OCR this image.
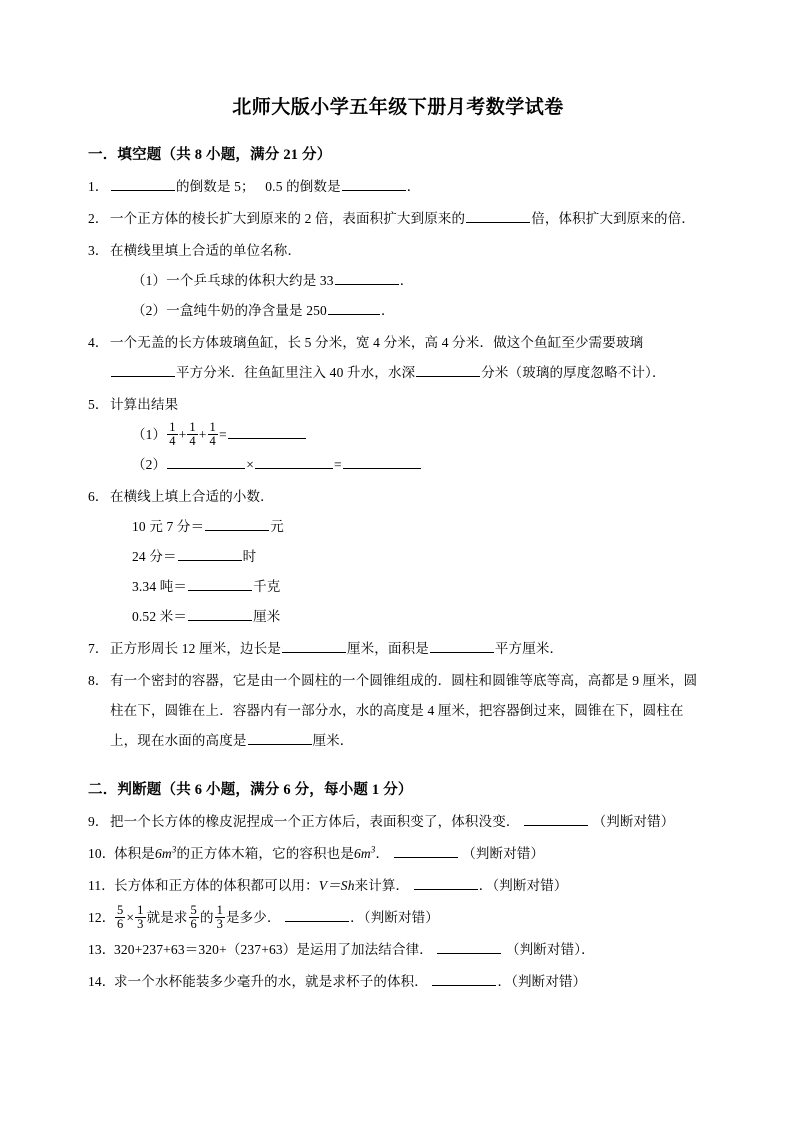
北师大版小学五年级下册月考数学试卷
一．填空题（共 8 小题，满分 21 分）
1．	的倒数是 5； 0.5 的倒数是	．
2． 一个正方体的棱长扩大到原来的 2 倍，表面积扩大到原来的	倍，体积扩大到原来的倍．
3． 在横线里填上合适的单位名称．
（1）一个乒乓球的体积大约是 33	．
（2）一盒纯牛奶的净含量是 250	．
4． 一个无盖的长方体玻璃鱼缸，长 5 分米，宽 4 分米，高 4 分米．做这个鱼缸至少需要玻璃平方分米．往鱼缸里注入 40 升水，水深	分米（玻璃的厚度忽略不计）．
5． 计算出结果
$(1) \frac{1}{4} + \frac{1}{4} + \frac{1}{4}$ =
（2）	×	=
6． 在横线上填上合适的小数．
10 元 7 分＝	元
24 分＝	时
3.34 吨＝	千克
0.52 米＝	厘米
7． 正方形周长 12 厘米，边长是	厘米，面积是	平方厘米．
8． 有一个密封的容器，它是由一个圆柱的一个圆锥组成的．圆柱和圆锥等底等高，高都是 9 厘米，圆柱在下，圆锥在上．容器内有一部分水，水的高度是 4 厘米，把容器倒过来，圆锥在下，圆柱在上，现在水面的高度是	厘米．
二．判断题（共 6 小题，满分 6 分，每小题 1 分）
9． 把一个长方体的橡皮泥捏成一个正方体后，表面积变了，体积没变．	（判断对错）
10．
体积是$6m^3$的正方体木箱，它的容积也是$6m^3$．	（判断对错）
11． 长方体和正方体的体积都可以用：V＝Sh来计算．	．（判断对错）
12． $\frac{5}{6} \times \frac{1}{3}$ 就是求 $\frac{5}{6}$ 的 $\frac{1}{3}$ 是多少．	．（判断对错）
13．
320+237+63＝320+（237+63）是运用了加法结合律．	（判断对错）．
14．
求一个水杯能装多少毫升的水，就是求杯子的体积．	．（判断对错）
